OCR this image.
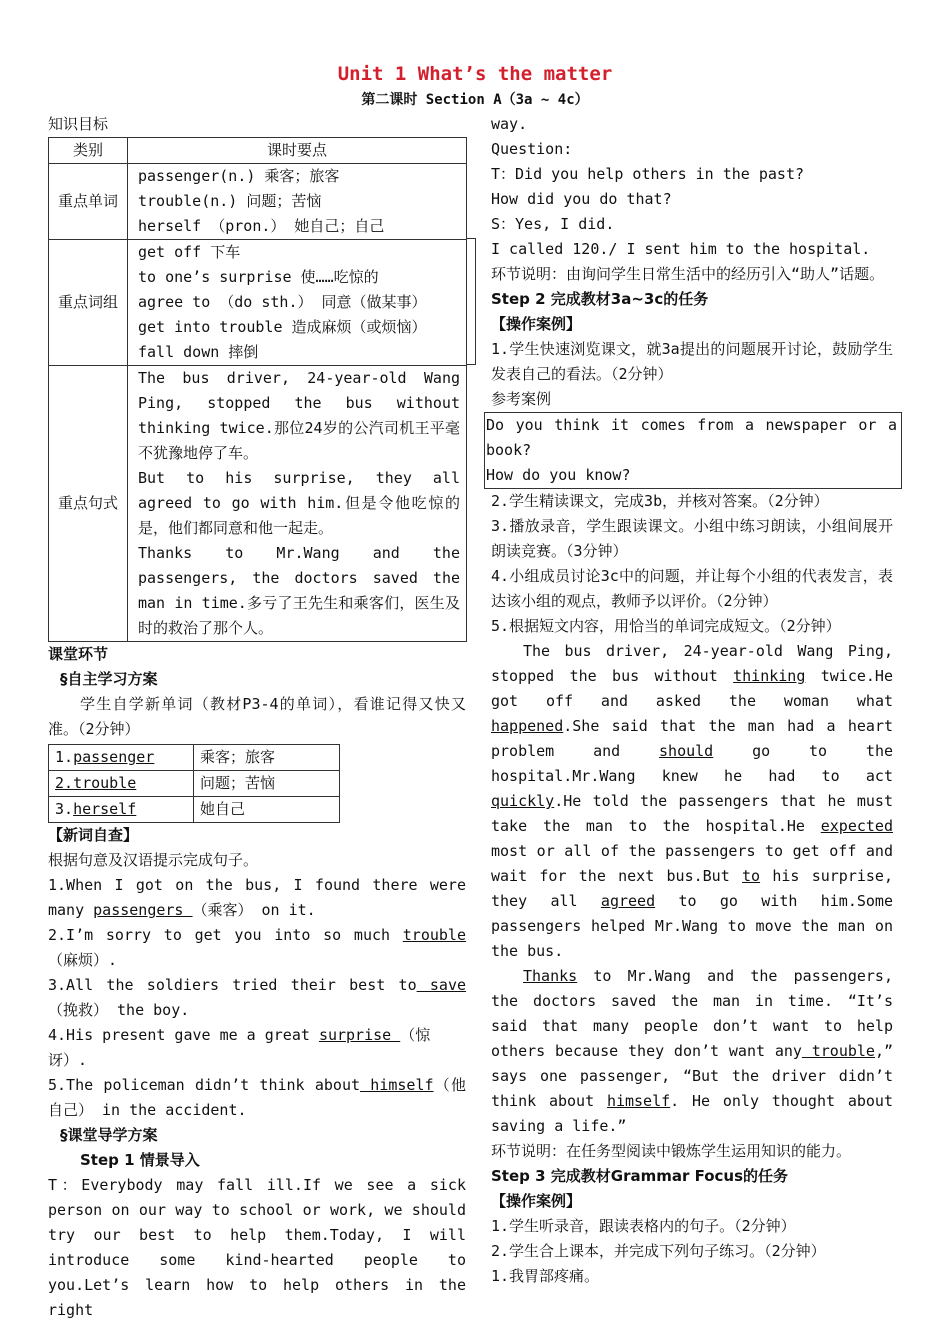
Unit 1 What’s the matter
第二课时 Section A（3a ~ 4c）

知识目标

类别	课时要点
重点单词	passenger(n.) 乘客；旅客

trouble(n.) 问题；苦恼

herself （pron.） 她自己；自己

重点词组	get off 下车

to one’s surprise 使……吃惊的

agree to （do sth.） 同意（做某事）

get into trouble 造成麻烦（或烦恼）

fall down 摔倒

重点句式	The bus driver, 24-year-old Wang Ping, stopped the bus without thinking twice.那位24岁的公汽司机王平毫不犹豫地停了车。

But to his surprise, they all agreed to go with him.但是令他吃惊的是，他们都同意和他一起走。

Thanks to Mr.Wang and the passengers, the doctors saved the man in time.多亏了王先生和乘客们，医生及时的救治了那个人。

课堂环节

§自主学习方案

学生自学新单词（教材P3-4的单词），看谁记得又快又准。（2分钟）

1.passenger	乘客；旅客
2.trouble	问题；苦恼
3.herself	她自己

【新词自查】

根据句意及汉语提示完成句子。

1.When I got on the bus, I found there were many passengers （乘客） on it.

2.I’m sorry to get you into so much trouble（麻烦）.

3.All the soldiers tried their best to save（挽救） the boy.

4.His present gave me a great surprise （惊讶）.

5.The policeman didn’t think about himself（他自己） in the accident.

§课堂导学方案

Step 1 情景导入

T：Everybody may fall ill.If we see a sick person on our way to school or work, we should try our best to help them.Today, I will introduce some kind-hearted people to you.Let’s learn how to help others in the right

way.

Question:

T：Did you help others in the past?

How did you do that?

S：Yes, I did.

I called 120./ I sent him to the hospital.

环节说明：由询问学生日常生活中的经历引入“助人”话题。

Step 2 完成教材3a~3c的任务

【操作案例】

1.学生快速浏览课文，就3a提出的问题展开讨论，鼓励学生发表自己的看法。（2分钟）

参考案例

Do you think it comes from a newspaper or a book?

How do you know?

2.学生精读课文，完成3b，并核对答案。（2分钟）

3.播放录音，学生跟读课文。小组中练习朗读，小组间展开朗读竞赛。（3分钟）

4.小组成员讨论3c中的问题，并让每个小组的代表发言，表达该小组的观点，教师予以评价。（2分钟）

5.根据短文内容，用恰当的单词完成短文。（2分钟）

The bus driver, 24-year-old Wang Ping, stopped the bus without thinking twice.He got off and asked the woman what happened.She said that the man had a heart problem and should go to the hospital.Mr.Wang knew he had to act quickly.He told the passengers that he must take the man to the hospital.He expected most or all of the passengers to get off and wait for the next bus.But to his surprise, they all agreed to go with him.Some passengers helped Mr.Wang to move the man on the bus.

Thanks to Mr.Wang and the passengers, the doctors saved the man in time. “It’s said that many people don’t want to help others because they don’t want any trouble,” says one passenger, “But the driver didn’t think about himself. He only thought about saving a life.”

环节说明：在任务型阅读中锻炼学生运用知识的能力。

Step 3 完成教材Grammar Focus的任务

【操作案例】

1.学生听录音，跟读表格内的句子。（2分钟）

2.学生合上课本，并完成下列句子练习。（2分钟）

1.我胃部疼痛。
